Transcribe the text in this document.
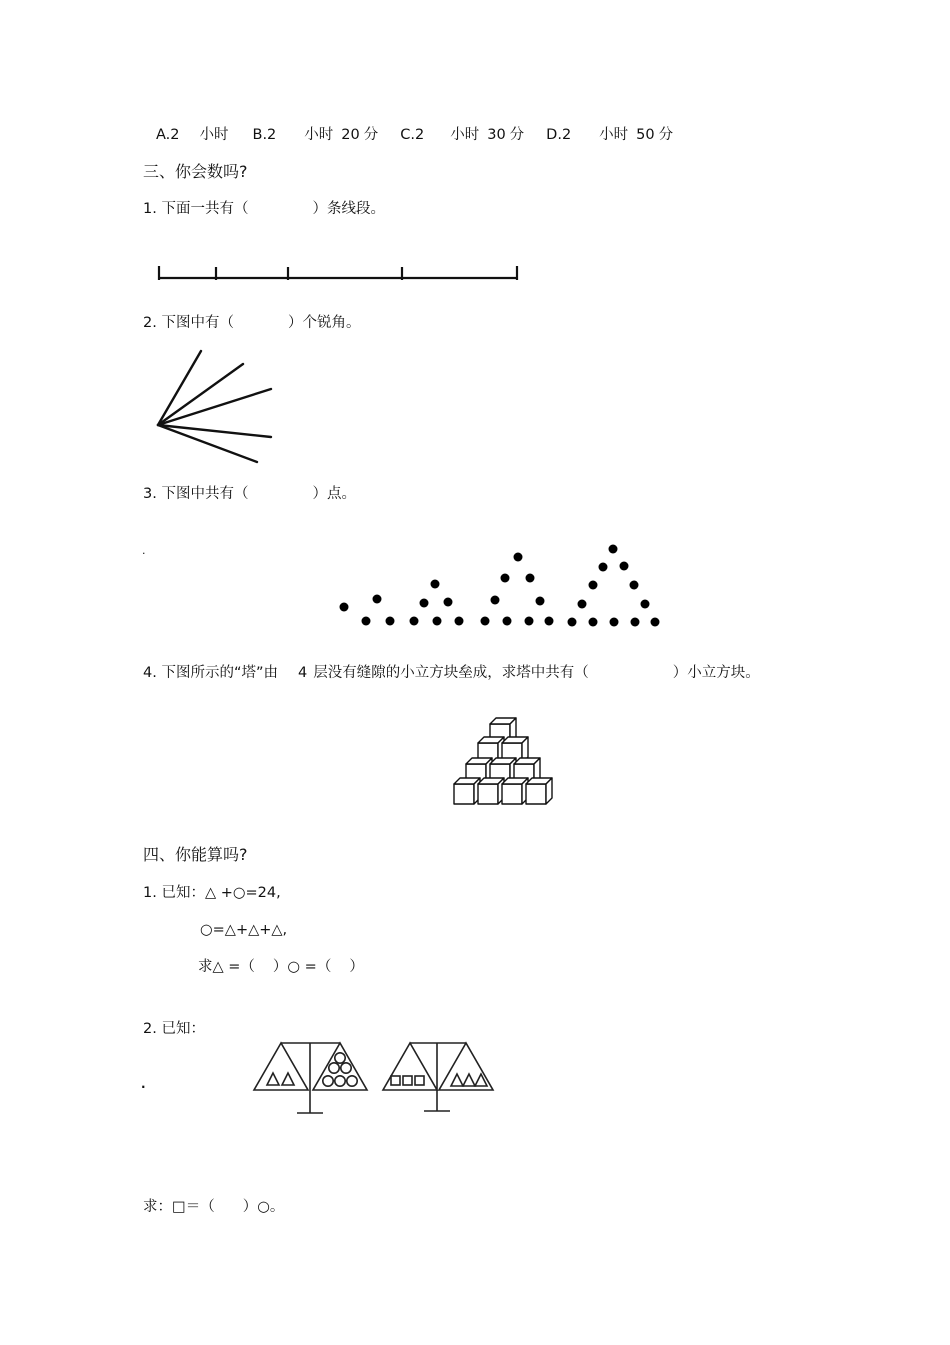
A.2 小时 B.2 小时 20 分 C.2 小时 30 分 D.2 小时 50 分
三、你会数吗?
1. 下面一共有（	）条线段。
2. 下图中有（	）个锐角。
3. 下图中共有（	）点。
.
4. 下图所示的“塔”由 4 层没有缝隙的小立方块垒成，求塔中共有（	）小立方块。
四、你能算吗?
1. 已知：△ +○=24,
○=△+△+△,
求△ =（ ）○ =（ ）
2. 已知：
.
求：□＝（ ）○。
